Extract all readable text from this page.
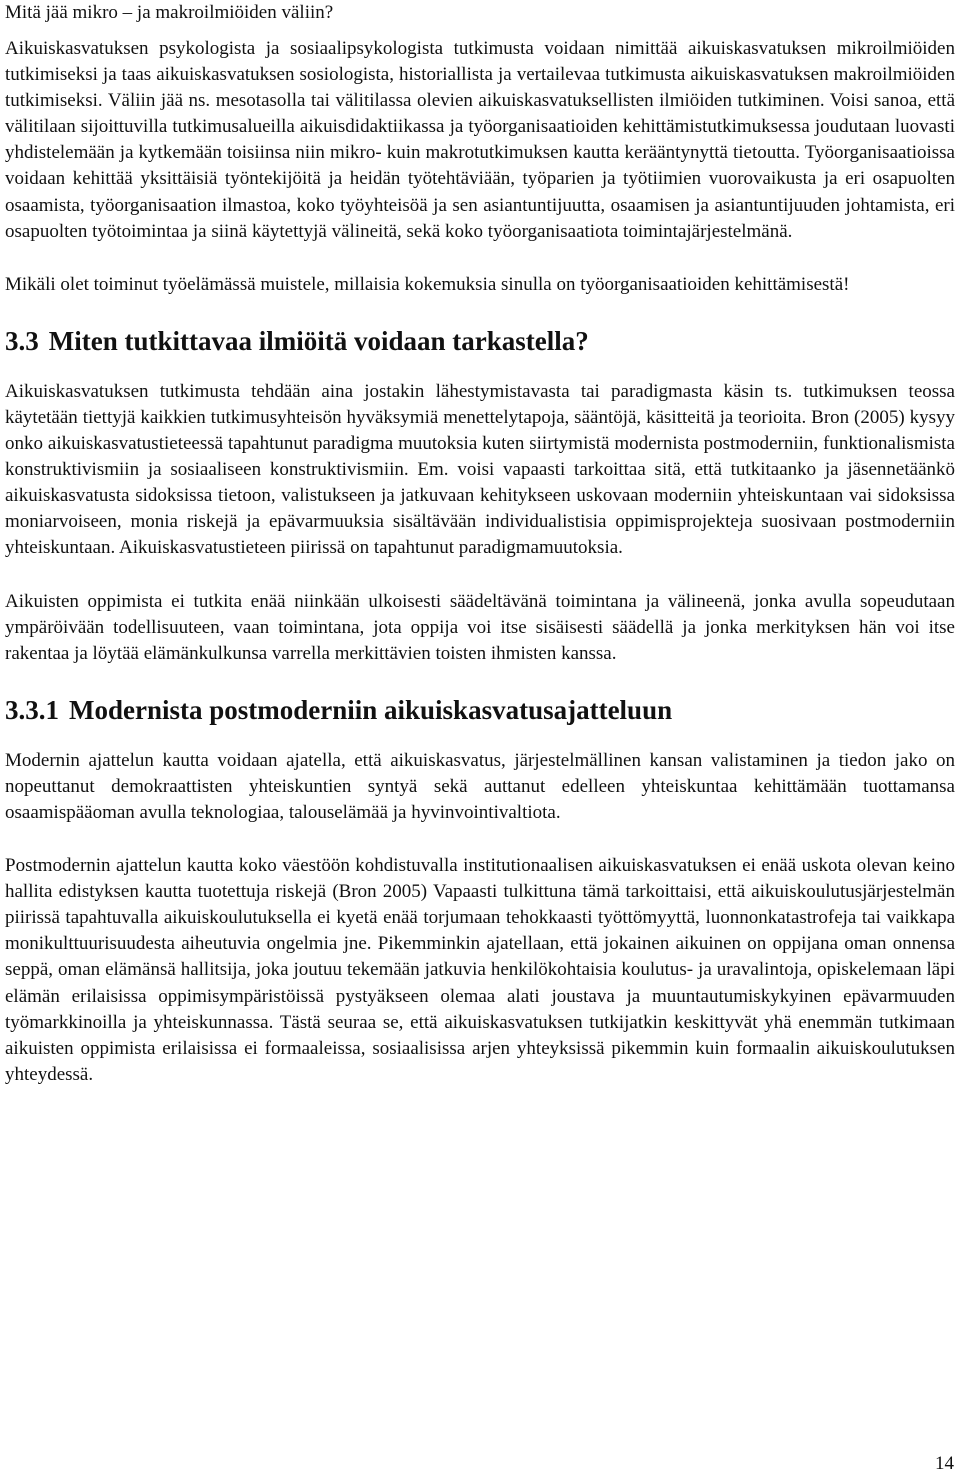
Mitä jää mikro – ja makroilmiöiden väliin?

Aikuiskasvatuksen psykologista ja sosiaalipsykologista tutkimusta voidaan nimittää aikuiskasvatuksen mikroilmiöiden tutkimiseksi ja taas aikuiskasvatuksen sosiologista, historiallista ja vertailevaa tutkimusta aikuiskasvatuksen makroilmiöiden tutkimiseksi. Väliin jää ns. mesotasolla tai välitilassa olevien aikuiskasvatuksellisten ilmiöiden tutkiminen. Voisi sanoa, että välitilaan sijoittuvilla tutkimusalueilla aikuisdidaktiikassa ja työorganisaatioiden kehittämistutkimuksessa joudutaan luovasti yhdistelemään ja kytkemään toisiinsa niin mikro- kuin makrotutkimuksen kautta kerääntynyttä tietoutta. Työorganisaatioissa voidaan kehittää yksittäisiä työntekijöitä ja heidän työtehtäviään, työparien ja työtiimien vuorovaikusta ja eri osapuolten osaamista, työorganisaation ilmastoa, koko työyhteisöä ja sen asiantuntijuutta, osaamisen ja asiantuntijuuden johtamista, eri osapuolten työtoimintaa ja siinä käytettyjä välineitä, sekä koko työorganisaatiota toimintajärjestelmänä.

Mikäli olet toiminut työelämässä muistele, millaisia kokemuksia sinulla on työorganisaatioiden kehittämisestä!

3.3 Miten tutkittavaa ilmiöitä voidaan tarkastella?

Aikuiskasvatuksen tutkimusta tehdään aina jostakin lähestymistavasta tai paradigmasta käsin ts. tutkimuksen teossa käytetään tiettyjä kaikkien tutkimusyhteisön hyväksymiä menettelytapoja, sääntöjä, käsitteitä ja teorioita. Bron (2005) kysyy onko aikuiskasvatustieteessä tapahtunut paradigma muutoksia kuten siirtymistä modernista postmoderniin, funktionalismista konstruktivismiin ja sosiaaliseen konstruktivismiin. Em. voisi vapaasti tarkoittaa sitä, että tutkitaanko ja jäsennetäänkö aikuiskasvatusta sidoksissa tietoon, valistukseen ja jatkuvaan kehitykseen uskovaan moderniin yhteiskuntaan vai sidoksissa moniarvoiseen, monia riskejä ja epävarmuuksia sisältävään individualistisia oppimisprojekteja suosivaan postmoderniin yhteiskuntaan. Aikuiskasvatustieteen piirissä on tapahtunut paradigmamuutoksia.

Aikuisten oppimista ei tutkita enää niinkään ulkoisesti säädeltävänä toimintana ja välineenä, jonka avulla sopeudutaan ympäröivään todellisuuteen, vaan toimintana, jota oppija voi itse sisäisesti säädellä ja jonka merkityksen hän voi itse rakentaa ja löytää elämänkulkunsa varrella merkittävien toisten ihmisten kanssa.

3.3.1 Modernista postmoderniin aikuiskasvatusajatteluun

Modernin ajattelun kautta voidaan ajatella, että aikuiskasvatus, järjestelmällinen kansan valistaminen ja tiedon jako on nopeuttanut demokraattisten yhteiskuntien syntyä sekä auttanut edelleen yhteiskuntaa kehittämään tuottamansa osaamispääoman avulla teknologiaa, talouselämää ja hyvinvointivaltiota.

Postmodernin ajattelun kautta koko väestöön kohdistuvalla institutionaalisen aikuiskasvatuksen ei enää uskota olevan keino hallita edistyksen kautta tuotettuja riskejä (Bron 2005) Vapaasti tulkittuna tämä tarkoittaisi, että aikuiskoulutusjärjestelmän piirissä tapahtuvalla aikuiskoulutuksella ei kyetä enää torjumaan tehokkaasti työttömyyttä, luonnonkatastrofeja tai vaikkapa monikulttuurisuudesta aiheutuvia ongelmia jne. Pikemminkin ajatellaan, että jokainen aikuinen on oppijana oman onnensa seppä, oman elämänsä hallitsija, joka joutuu tekemään jatkuvia henkilökohtaisia koulutus- ja uravalintoja, opiskelemaan läpi elämän erilaisissa oppimisympäristöissä pystyäkseen olemaa alati joustava ja muuntautumiskykyinen epävarmuuden työmarkkinoilla ja yhteiskunnassa. Tästä seuraa se, että aikuiskasvatuksen tutkijatkin keskittyvät yhä enemmän tutkimaan aikuisten oppimista erilaisissa ei formaaleissa, sosiaalisissa arjen yhteyksissä pikemmin kuin formaalin aikuiskoulutuksen yhteydessä.

14
